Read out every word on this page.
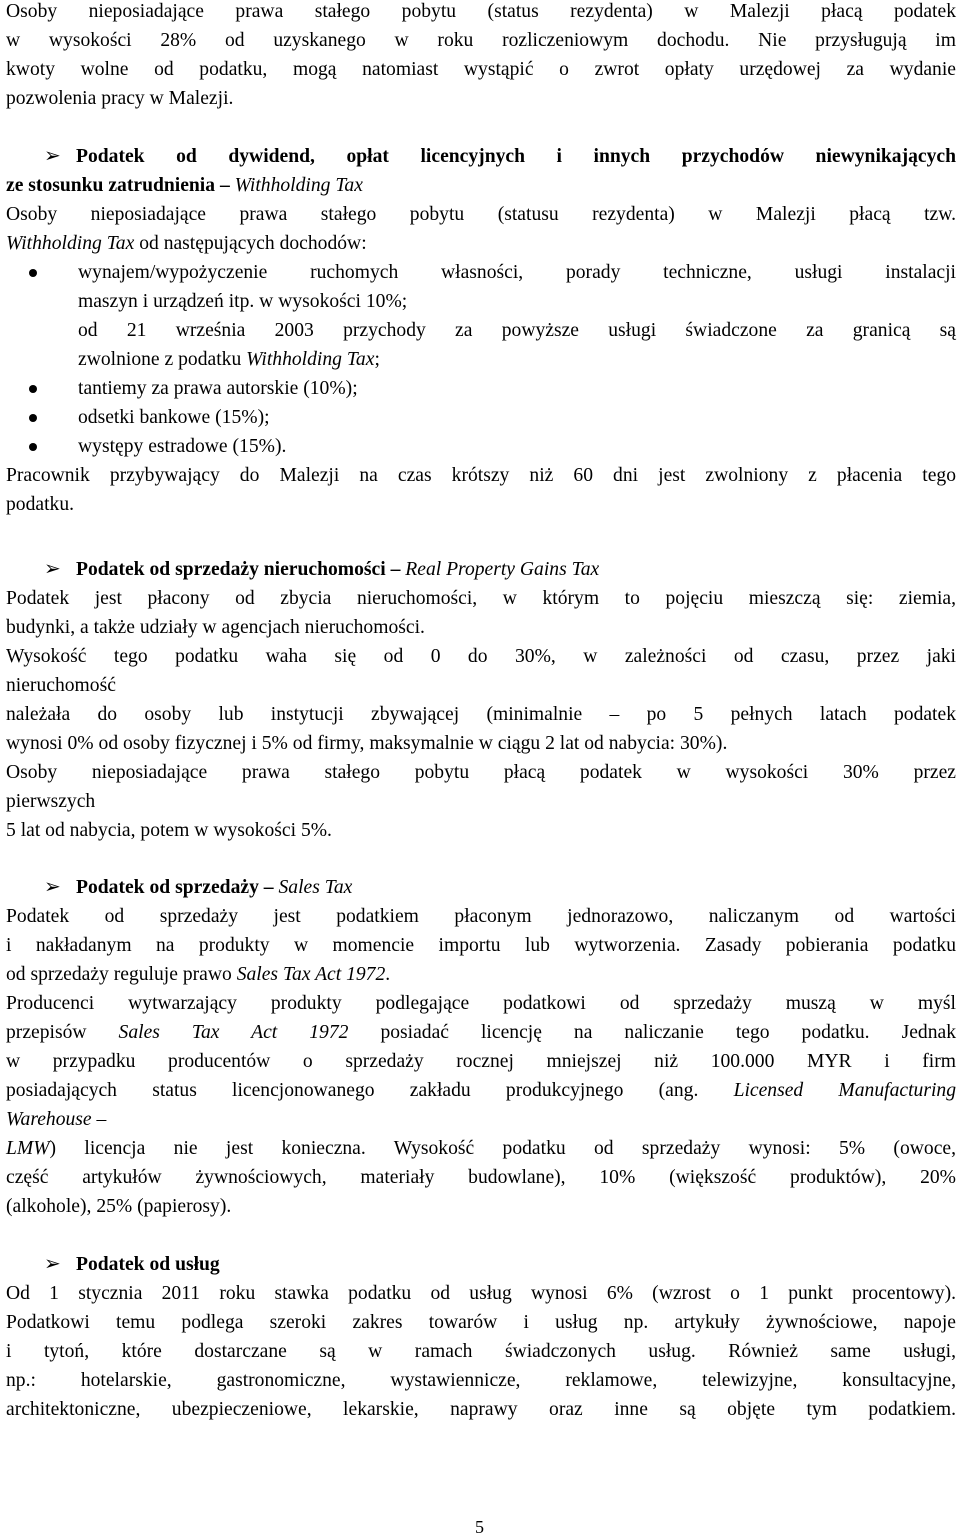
Osoby nieposiadające prawa stałego pobytu (status rezydenta) w Malezji płacą podatek
w wysokości 28% od uzyskanego w roku rozliczeniowym dochodu. Nie przysługują im
kwoty wolne od podatku, mogą natomiast wystąpić o zwrot opłaty urzędowej za wydanie
pozwolenia pracy w Malezji.
➢ Podatek od dywidend, opłat licencyjnych i innych przychodów niewynikających
ze stosunku zatrudnienia – Withholding Tax
Osoby nieposiadające prawa stałego pobytu (statusu rezydenta) w Malezji płacą tzw.
Withholding Tax od następujących dochodów:
wynajem/wypożyczenie ruchomych własności, porady techniczne, usługi instalacji
maszyn i urządzeń itp. w wysokości 10%;
od 21 września 2003 przychody za powyższe usługi świadczone za granicą są
zwolnione z podatku Withholding Tax;
tantiemy za prawa autorskie (10%);
odsetki bankowe (15%);
występy estradowe (15%).
Pracownik przybywający do Malezji na czas krótszy niż 60 dni jest zwolniony z płacenia tego
podatku.
➢ Podatek od sprzedaży nieruchomości – Real Property Gains Tax
Podatek jest płacony od zbycia nieruchomości, w którym to pojęciu mieszczą się: ziemia,
budynki, a także udziały w agencjach nieruchomości.
Wysokość tego podatku waha się od 0 do 30%, w zależności od czasu, przez jaki
nieruchomość
należała do osoby lub instytucji zbywającej (minimalnie – po 5 pełnych latach podatek
wynosi 0% od osoby fizycznej i 5% od firmy, maksymalnie w ciągu 2 lat od nabycia: 30%).
Osoby nieposiadające prawa stałego pobytu płacą podatek w wysokości 30% przez
pierwszych
5 lat od nabycia, potem w wysokości 5%.
➢ Podatek od sprzedaży – Sales Tax
Podatek od sprzedaży jest podatkiem płaconym jednorazowo, naliczanym od wartości
i nakładanym na produkty w momencie importu lub wytworzenia. Zasady pobierania podatku
od sprzedaży reguluje prawo Sales Tax Act 1972.
Producenci wytwarzający produkty podlegające podatkowi od sprzedaży muszą w myśl
przepisów Sales Tax Act 1972 posiadać licencję na naliczanie tego podatku. Jednak
w przypadku producentów o sprzedaży rocznej mniejszej niż 100.000 MYR i firm
posiadających status licencjonowanego zakładu produkcyjnego (ang. Licensed Manufacturing
Warehouse –
LMW) licencja nie jest konieczna. Wysokość podatku od sprzedaży wynosi: 5% (owoce,
część artykułów żywnościowych, materiały budowlane), 10% (większość produktów), 20%
(alkohole), 25% (papierosy).
➢ Podatek od usług
Od 1 stycznia 2011 roku stawka podatku od usług wynosi 6% (wzrost o 1 punkt procentowy).
Podatkowi temu podlega szeroki zakres towarów i usług np. artykuły żywnościowe, napoje
i tytoń, które dostarczane są w ramach świadczonych usług. Również same usługi,
np.: hotelarskie, gastronomiczne, wystawiennicze, reklamowe, telewizyjne, konsultacyjne,
architektoniczne, ubezpieczeniowe, lekarskie, naprawy oraz inne są objęte tym podatkiem.
5
